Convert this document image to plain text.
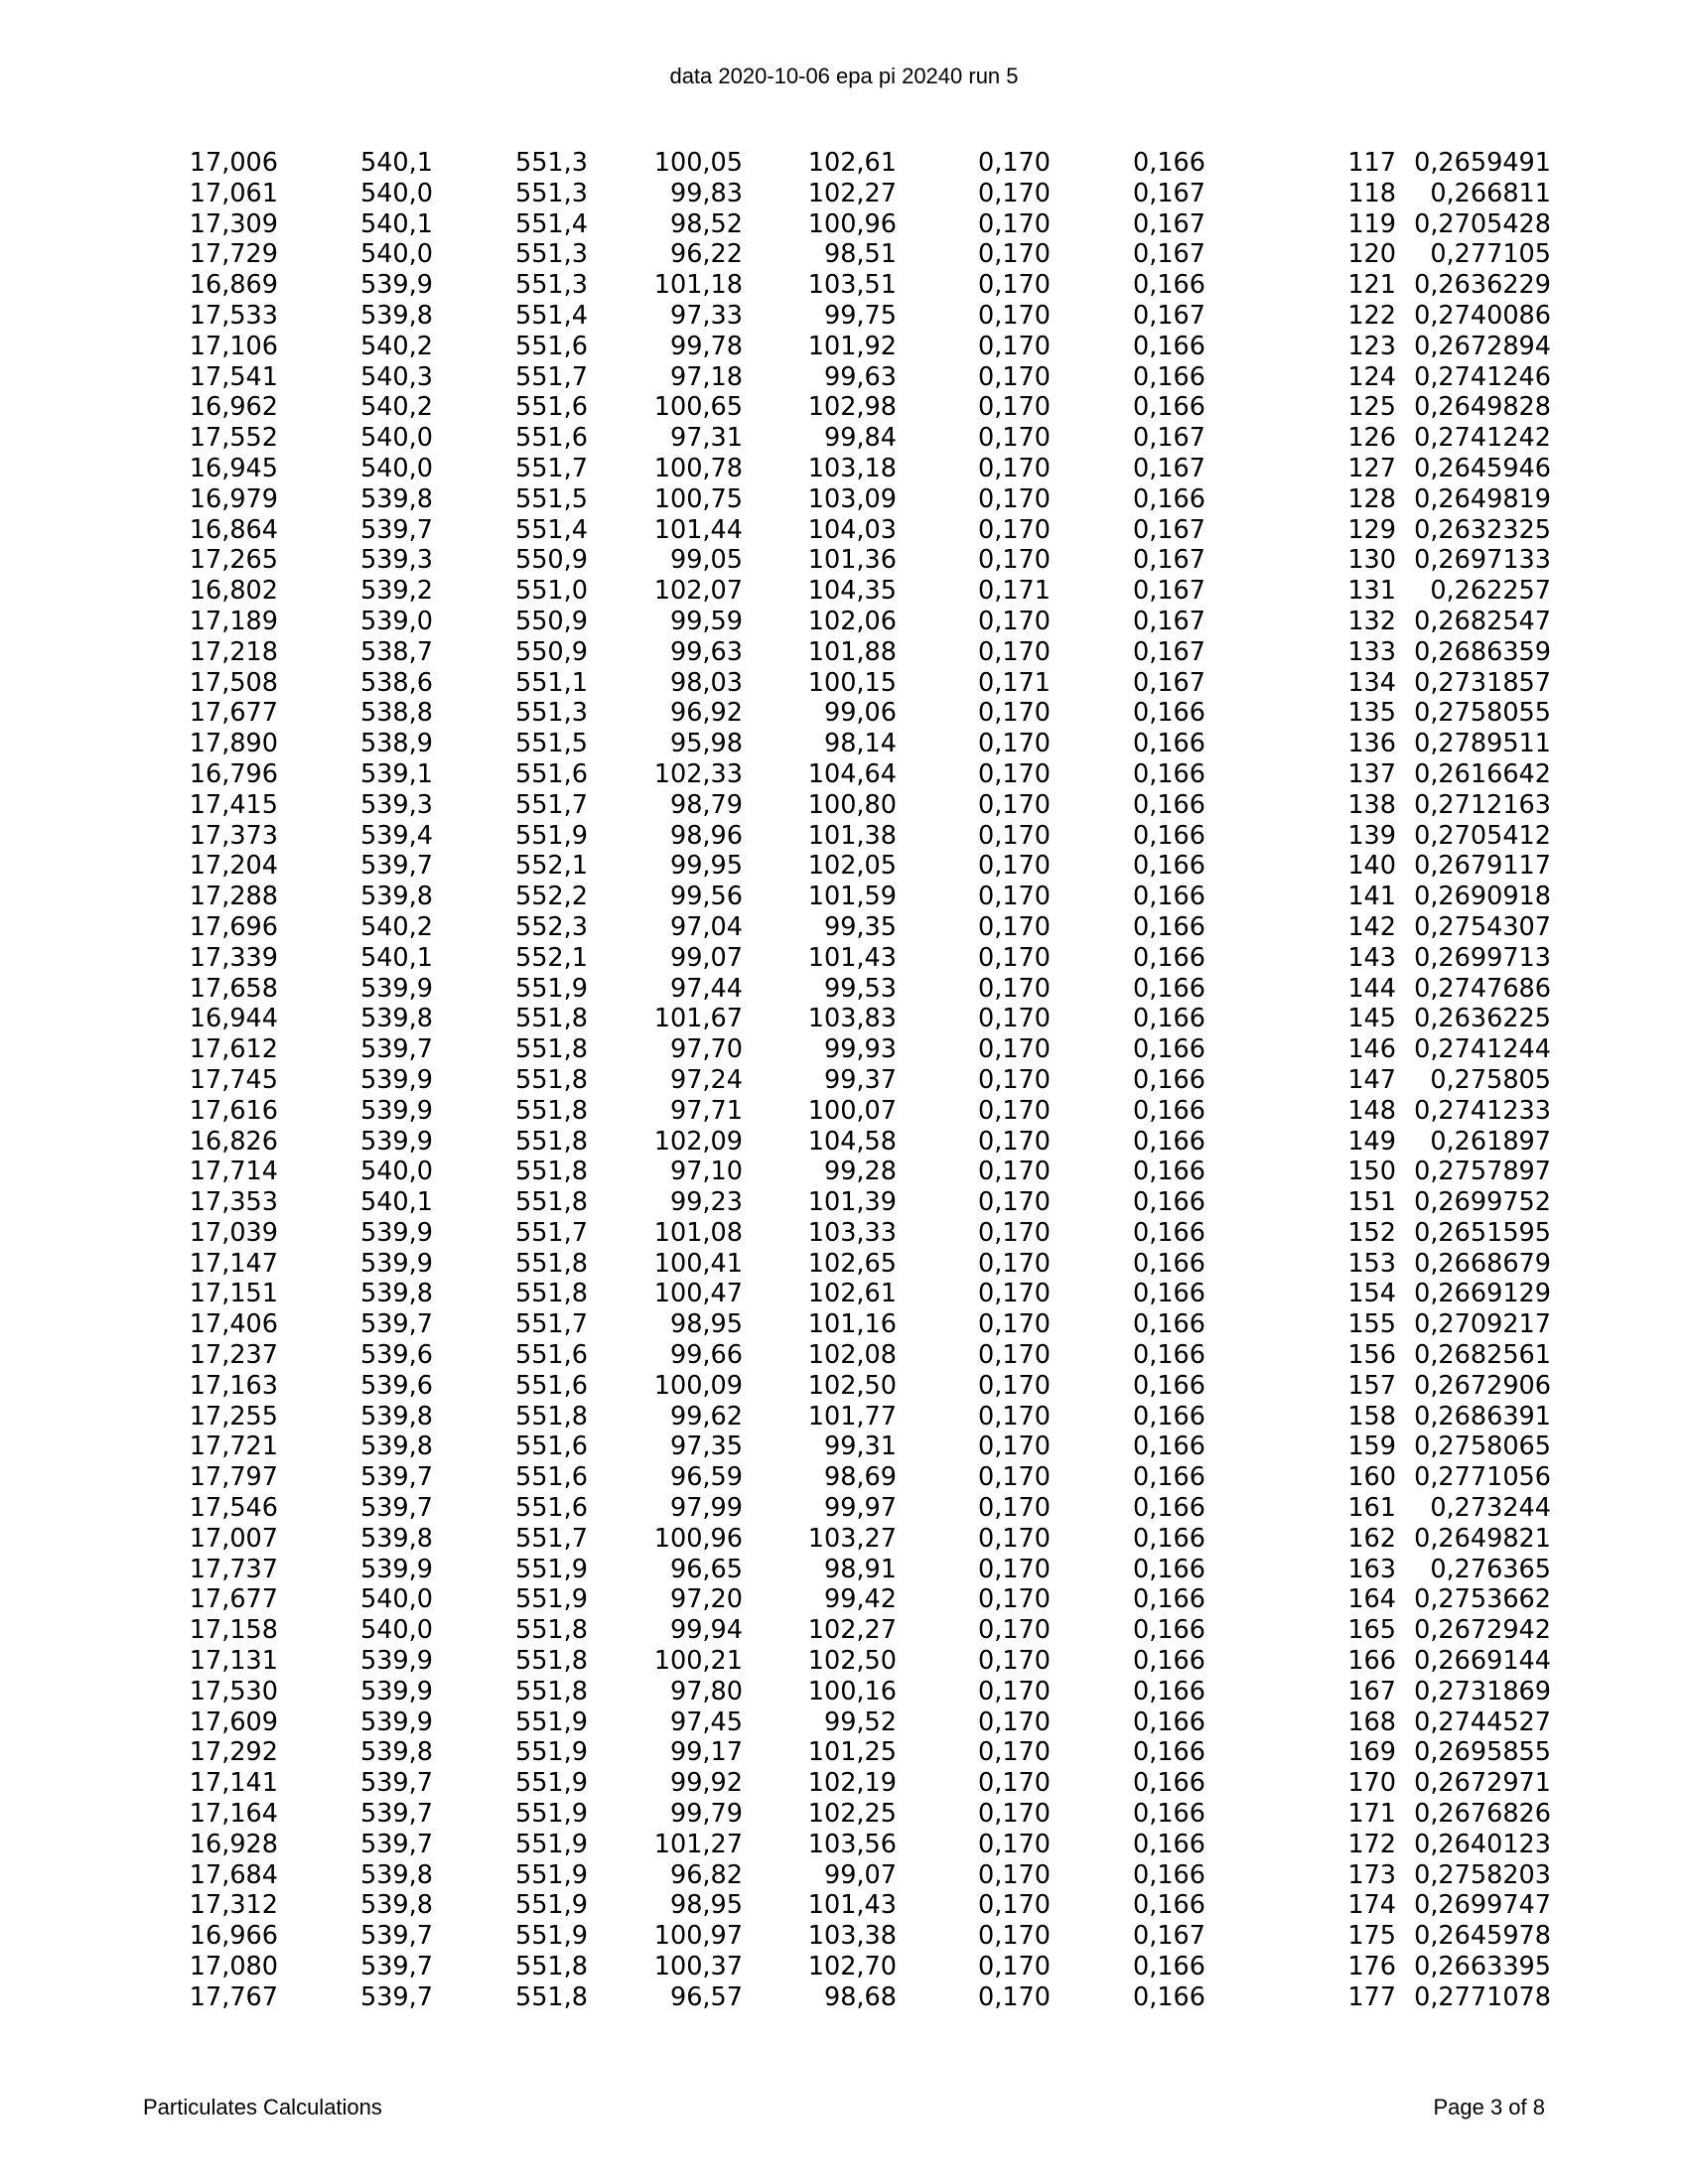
data 2020-10-06 epa pi 20240 run 5
17,006	540,1	551,3	100,05	102,61	0,170	0,166	117	0,2659491
17,061	540,0	551,3	99,83	102,27	0,170	0,167	118	0,266811
17,309	540,1	551,4	98,52	100,96	0,170	0,167	119	0,2705428
17,729	540,0	551,3	96,22	98,51	0,170	0,167	120	0,277105
16,869	539,9	551,3	101,18	103,51	0,170	0,166	121	0,2636229
17,533	539,8	551,4	97,33	99,75	0,170	0,167	122	0,2740086
17,106	540,2	551,6	99,78	101,92	0,170	0,166	123	0,2672894
17,541	540,3	551,7	97,18	99,63	0,170	0,166	124	0,2741246
16,962	540,2	551,6	100,65	102,98	0,170	0,166	125	0,2649828
17,552	540,0	551,6	97,31	99,84	0,170	0,167	126	0,2741242
16,945	540,0	551,7	100,78	103,18	0,170	0,167	127	0,2645946
16,979	539,8	551,5	100,75	103,09	0,170	0,166	128	0,2649819
16,864	539,7	551,4	101,44	104,03	0,170	0,167	129	0,2632325
17,265	539,3	550,9	99,05	101,36	0,170	0,167	130	0,2697133
16,802	539,2	551,0	102,07	104,35	0,171	0,167	131	0,262257
17,189	539,0	550,9	99,59	102,06	0,170	0,167	132	0,2682547
17,218	538,7	550,9	99,63	101,88	0,170	0,167	133	0,2686359
17,508	538,6	551,1	98,03	100,15	0,171	0,167	134	0,2731857
17,677	538,8	551,3	96,92	99,06	0,170	0,166	135	0,2758055
17,890	538,9	551,5	95,98	98,14	0,170	0,166	136	0,2789511
16,796	539,1	551,6	102,33	104,64	0,170	0,166	137	0,2616642
17,415	539,3	551,7	98,79	100,80	0,170	0,166	138	0,2712163
17,373	539,4	551,9	98,96	101,38	0,170	0,166	139	0,2705412
17,204	539,7	552,1	99,95	102,05	0,170	0,166	140	0,2679117
17,288	539,8	552,2	99,56	101,59	0,170	0,166	141	0,2690918
17,696	540,2	552,3	97,04	99,35	0,170	0,166	142	0,2754307
17,339	540,1	552,1	99,07	101,43	0,170	0,166	143	0,2699713
17,658	539,9	551,9	97,44	99,53	0,170	0,166	144	0,2747686
16,944	539,8	551,8	101,67	103,83	0,170	0,166	145	0,2636225
17,612	539,7	551,8	97,70	99,93	0,170	0,166	146	0,2741244
17,745	539,9	551,8	97,24	99,37	0,170	0,166	147	0,275805
17,616	539,9	551,8	97,71	100,07	0,170	0,166	148	0,2741233
16,826	539,9	551,8	102,09	104,58	0,170	0,166	149	0,261897
17,714	540,0	551,8	97,10	99,28	0,170	0,166	150	0,2757897
17,353	540,1	551,8	99,23	101,39	0,170	0,166	151	0,2699752
17,039	539,9	551,7	101,08	103,33	0,170	0,166	152	0,2651595
17,147	539,9	551,8	100,41	102,65	0,170	0,166	153	0,2668679
17,151	539,8	551,8	100,47	102,61	0,170	0,166	154	0,2669129
17,406	539,7	551,7	98,95	101,16	0,170	0,166	155	0,2709217
17,237	539,6	551,6	99,66	102,08	0,170	0,166	156	0,2682561
17,163	539,6	551,6	100,09	102,50	0,170	0,166	157	0,2672906
17,255	539,8	551,8	99,62	101,77	0,170	0,166	158	0,2686391
17,721	539,8	551,6	97,35	99,31	0,170	0,166	159	0,2758065
17,797	539,7	551,6	96,59	98,69	0,170	0,166	160	0,2771056
17,546	539,7	551,6	97,99	99,97	0,170	0,166	161	0,273244
17,007	539,8	551,7	100,96	103,27	0,170	0,166	162	0,2649821
17,737	539,9	551,9	96,65	98,91	0,170	0,166	163	0,276365
17,677	540,0	551,9	97,20	99,42	0,170	0,166	164	0,2753662
17,158	540,0	551,8	99,94	102,27	0,170	0,166	165	0,2672942
17,131	539,9	551,8	100,21	102,50	0,170	0,166	166	0,2669144
17,530	539,9	551,8	97,80	100,16	0,170	0,166	167	0,2731869
17,609	539,9	551,9	97,45	99,52	0,170	0,166	168	0,2744527
17,292	539,8	551,9	99,17	101,25	0,170	0,166	169	0,2695855
17,141	539,7	551,9	99,92	102,19	0,170	0,166	170	0,2672971
17,164	539,7	551,9	99,79	102,25	0,170	0,166	171	0,2676826
16,928	539,7	551,9	101,27	103,56	0,170	0,166	172	0,2640123
17,684	539,8	551,9	96,82	99,07	0,170	0,166	173	0,2758203
17,312	539,8	551,9	98,95	101,43	0,170	0,166	174	0,2699747
16,966	539,7	551,9	100,97	103,38	0,170	0,167	175	0,2645978
17,080	539,7	551,8	100,37	102,70	0,170	0,166	176	0,2663395
17,767	539,7	551,8	96,57	98,68	0,170	0,166	177	0,2771078
Particulates Calculations	Page 3 of 8
